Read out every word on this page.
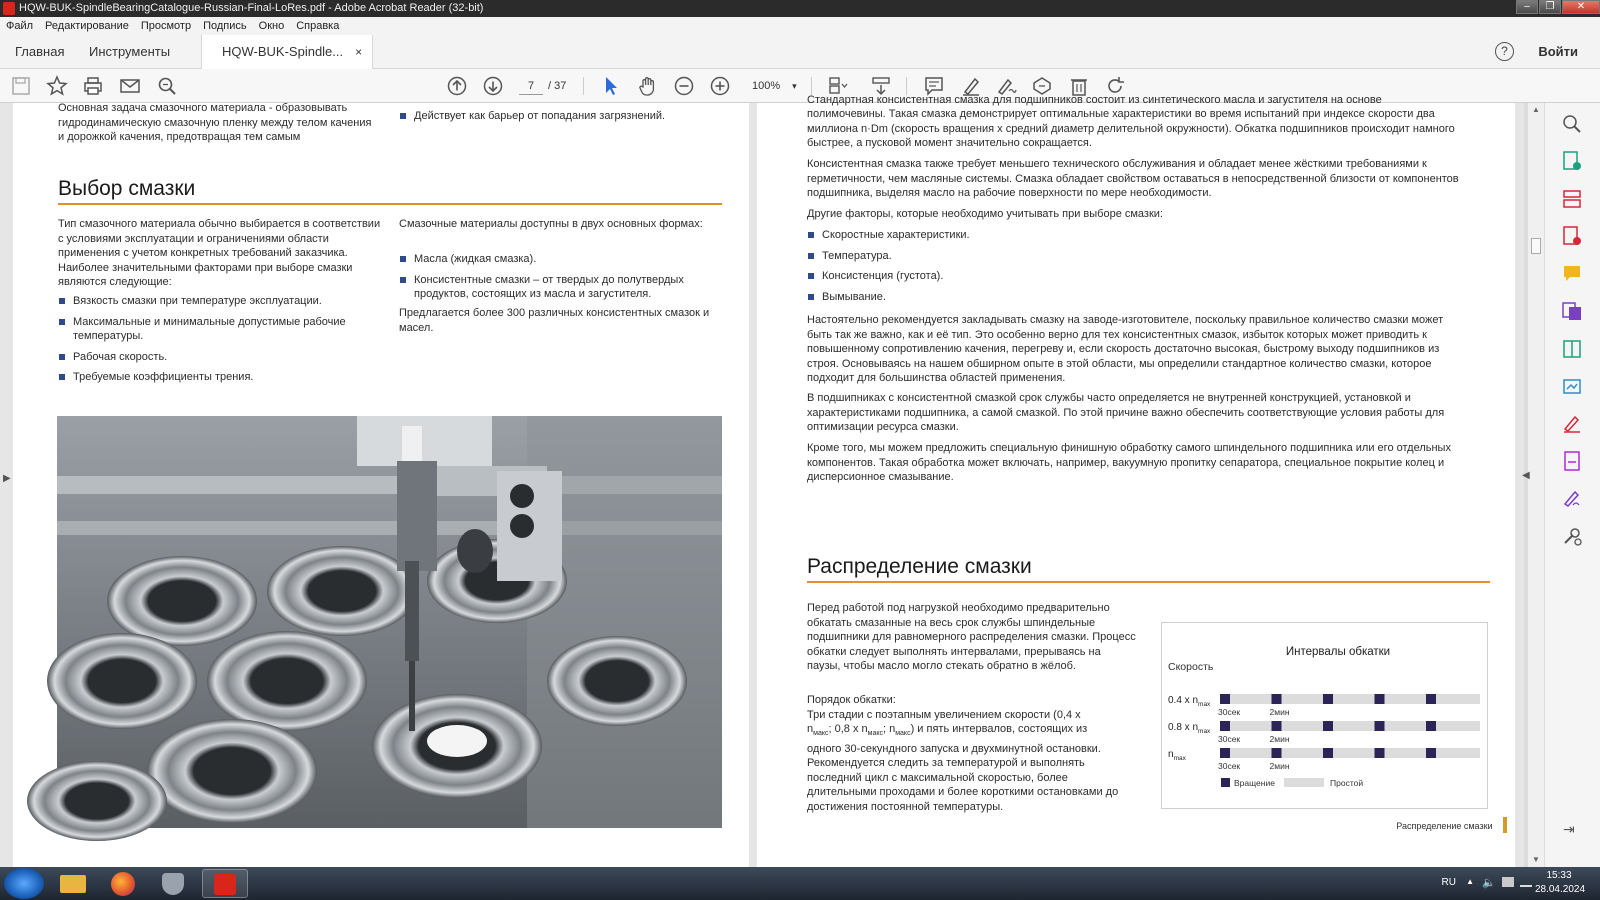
HQW-BUK-SpindleBearingCatalogue-Russian-Final-LoRes.pdf - Adobe Acrobat Reader (32-bit)	–	❐	✕
Файл	Редактирование	Просмотр	Подпись	Окно	Справка
Главная Инструменты	HQW-BUK-Spindle... ×	?	Войти
7	/ 37	100% ▾
▶
Основная задача смазочного материала - образовывать гидродинамическую смазочную пленку между телом качения и дорожкой качения, предотвращая тем самым
Действует как барьер от попадания загрязнений.
Выбор смазки
Тип смазочного материала обычно выбирается в соответствии с условиями эксплуатации и ограничениями области применения с учетом конкретных требований заказчика. Наиболее значительными факторами при выборе смазки являются следующие:
Вязкость смазки при температуре эксплуатации.
Максимальные и минимальные допустимые рабочие температуры.
Рабочая скорость.
Требуемые коэффициенты трения.
Смазочные материалы доступны в двух основных формах:
Масла (жидкая смазка).
Консистентные смазки – от твердых до полутвердых продуктов, состоящих из масла и загустителя.
Предлагается более 300 различных консистентных смазок и масел.
Стандартная консистентная смазка для подшипников состоит из синтетического масла и загустителя на основе
полимочевины. Такая смазка демонстрирует оптимальные характеристики во время испытаний при индексе скорости два миллиона n·Dm (скорость вращения x средний диаметр делительной окружности). Обкатка подшипников происходит намного быстрее, а пусковой момент значительно сокращается.
Консистентная смазка также требует меньшего технического обслуживания и обладает менее жёсткими требованиями к герметичности, чем масляные системы. Смазка обладает свойством оставаться в непосредственной близости от компонентов подшипника, выделяя масло на рабочие поверхности по мере необходимости.
Другие факторы, которые необходимо учитывать при выборе смазки:
Скоростные характеристики.
Температура.
Консистенция (густота).
Вымывание.
Настоятельно рекомендуется закладывать смазку на заводе-изготовителе, поскольку правильное количество смазки может быть так же важно, как и её тип. Это особенно верно для тех консистентных смазок, избыток которых может приводить к повышенному сопротивлению качения, перегреву и, если скорость достаточно высокая, быстрому выходу подшипников из строя. Основываясь на нашем обширном опыте в этой области, мы определили стандартное количество смазки, которое подходит для большинства областей применения.
В подшипниках с консистентной смазкой срок службы часто определяется не внутренней конструкцией, установкой и характеристиками подшипника, а самой смазкой. По этой причине важно обеспечить соответствующие условия работы для оптимизации ресурса смазки.
Кроме того, мы можем предложить специальную финишную обработку самого шпиндельного подшипника или его отдельных компонентов. Такая обработка может включать, например, вакуумную пропитку сепаратора, специальное покрытие колец и дисперсионное смазывание.
Распределение смазки
Перед работой под нагрузкой необходимо предварительно обкатать смазанные на весь срок службы шпиндельные подшипники для равномерного распределения смазки. Процесс обкатки следует выполнять интервалами, прерываясь на паузы, чтобы масло могло стекать обратно в жёлоб.
Порядок обкатки:
Три стадии с поэтапным увеличением скорости (0,4 x
$n_{макс}$; 0,8 x $n_{макс}$; $n_{макс}$) и пять интервалов, состоящих из
одного 30-секундного запуска и двухминутной остановки. Рекомендуется следить за температурой и выполнять последний цикл с максимальной скоростью, более длительными проходами и более короткими остановками до достижения постоянной температуры.
Интервалы обкатки
Скорость
0.4 x $n_{max}$
30сек	2мин
0.8 x $n_{max}$
30сек	2мин
$n_{max}$
30сек	2мин
Вращение	Простой
Распределение смазки
▲
▼
◀
⇥
RU ▲ 🔈
15:33
28.04.2024
